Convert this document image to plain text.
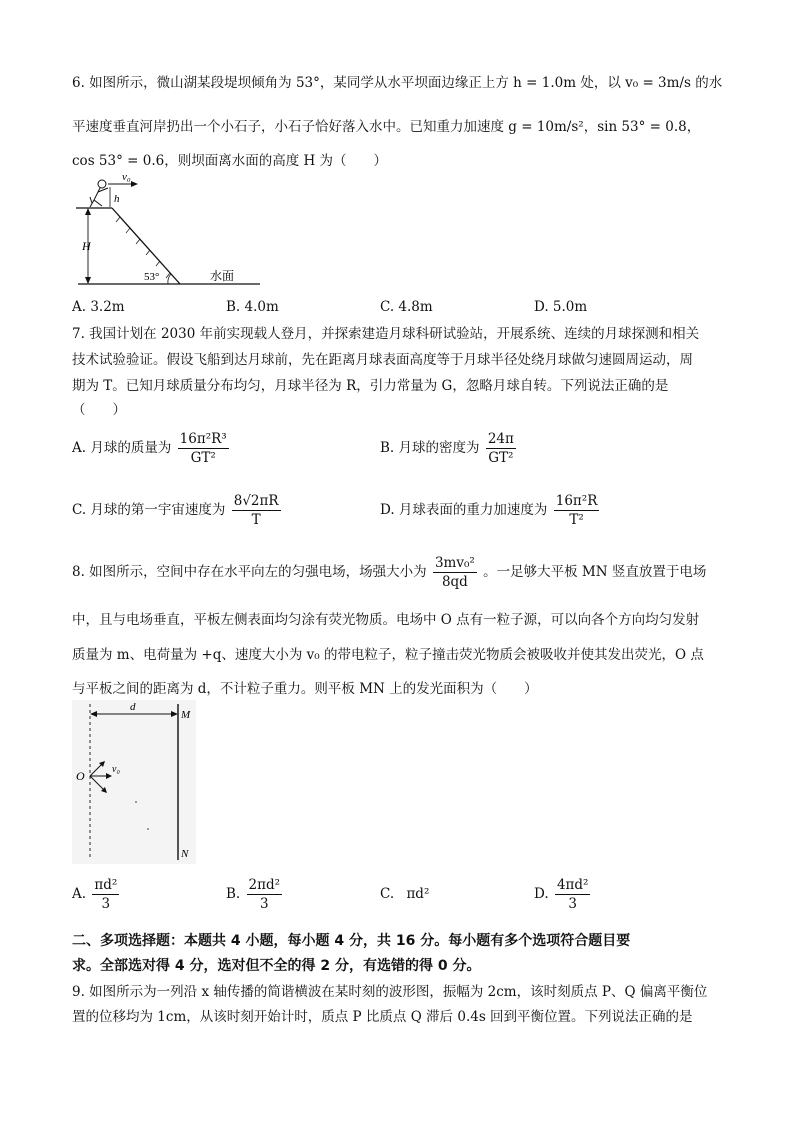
6. 如图所示，微山湖某段堤坝倾角为 53°，某同学从水平坝面边缘正上方 h = 1.0m 处，以 v₀ = 3m/s 的水
平速度垂直河岸扔出一个小石子，小石子恰好落入水中。已知重力加速度 g = 10m/s²，sin 53° = 0.8，
cos 53° = 0.6，则坝面离水面的高度 H 为（　　）
H
v₀
h
53°	水面
A. 3.2m	B. 4.0m	C. 4.8m	D. 5.0m
7. 我国计划在 2030 年前实现载人登月，并探索建造月球科研试验站，开展系统、连续的月球探测和相关
技术试验验证。假设飞船到达月球前，先在距离月球表面高度等于月球半径处绕月球做匀速圆周运动，周
期为 T。已知月球质量分布均匀，月球半径为 R，引力常量为 G，忽略月球自转。下列说法正确的是
（　　）
A. 月球的质量为 $\frac{\text{16π²R³}}{\text{GT²}}$	B. 月球的密度为 $\frac{24\pi}{\text{GT²}}$
C. 月球的第一宇宙速度为 $\frac{8√2\pi R}{T}$	D. 月球表面的重力加速度为 $\frac{\text{16π²R}}{\text{T²}}$
8. 如图所示，空间中存在水平向左的匀强电场，场强大小为 $\frac{\text{3mv₀²}}{8qd}$ 。一足够大平板 MN 竖直放置于电场
中，且与电场垂直，平板左侧表面均匀涂有荧光物质。电场中 O 点有一粒子源，可以向各个方向均匀发射
质量为 m、电荷量为 +q、速度大小为 v₀ 的带电粒子，粒子撞击荧光物质会被吸收并使其发出荧光，O 点
与平板之间的距离为 d，不计粒子重力。则平板 MN 上的发光面积为（　　）
d
M
N
O	v₀
A. $\frac{\text{πd²}}{3}$	B. $\frac{\text{2πd²}}{3}$	C. πd²	D. $\frac{\text{4πd²}}{3}$
二、多项选择题：本题共 4 小题，每小题 4 分，共 16 分。每小题有多个选项符合题目要
求。全部选对得 4 分，选对但不全的得 2 分，有选错的得 0 分。
9. 如图所示为一列沿 x 轴传播的简谐横波在某时刻的波形图，振幅为 2cm，该时刻质点 P、Q 偏离平衡位
置的位移均为 1cm，从该时刻开始计时，质点 P 比质点 Q 滞后 0.4s 回到平衡位置。下列说法正确的是
